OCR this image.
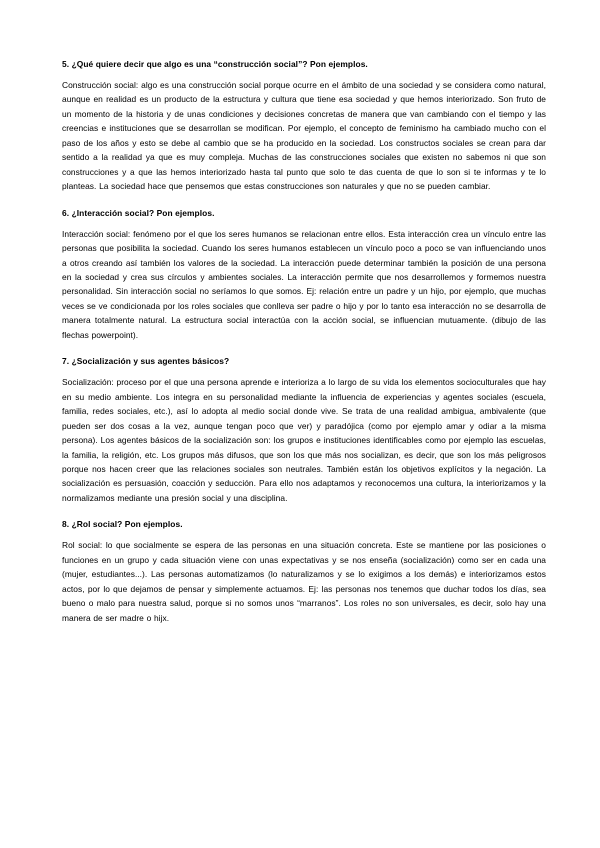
5. ¿Qué quiere decir que algo es una “construcción social”? Pon ejemplos.

Construcción social: algo es una construcción social porque ocurre en el ámbito de una sociedad y se considera como natural, aunque en realidad es un producto de la estructura y cultura que tiene esa sociedad y que hemos interiorizado. Son fruto de un momento de la historia y de unas condiciones y decisiones concretas de manera que van cambiando con el tiempo y las creencias e instituciones que se desarrollan se modifican. Por ejemplo, el concepto de feminismo ha cambiado mucho con el paso de los años y esto se debe al cambio que se ha producido en la sociedad. Los constructos sociales se crean para dar sentido a la realidad ya que es muy compleja. Muchas de las construcciones sociales que existen no sabemos ni que son construcciones y a que las hemos interiorizado hasta tal punto que solo te das cuenta de que lo son si te informas y te lo planteas. La sociedad hace que pensemos que estas construcciones son naturales y que no se pueden cambiar.

6. ¿Interacción social? Pon ejemplos.

Interacción social: fenómeno por el que los seres humanos se relacionan entre ellos. Esta interacción crea un vínculo entre las personas que posibilita la sociedad. Cuando los seres humanos establecen un vínculo poco a poco se van influenciando unos a otros creando así también los valores de la sociedad. La interacción puede determinar también la posición de una persona en la sociedad y crea sus círculos y ambientes sociales. La interacción permite que nos desarrollemos y formemos nuestra personalidad. Sin interacción social no seríamos lo que somos. Ej: relación entre un padre y un hijo, por ejemplo, que muchas veces se ve condicionada por los roles sociales que conlleva ser padre o hijo y por lo tanto esa interacción no se desarrolla de manera totalmente natural. La estructura social interactúa con la acción social, se influencian mutuamente. (dibujo de las flechas powerpoint).

7. ¿Socialización y sus agentes básicos?

Socialización: proceso por el que una persona aprende e interioriza a lo largo de su vida los elementos socioculturales que hay en su medio ambiente. Los integra en su personalidad mediante la influencia de experiencias y agentes sociales (escuela, familia, redes sociales, etc.), así lo adopta al medio social donde vive. Se trata de una realidad ambigua, ambivalente (que pueden ser dos cosas a la vez, aunque tengan poco que ver) y paradójica (como por ejemplo amar y odiar a la misma persona). Los agentes básicos de la socialización son: los grupos e instituciones identificables como por ejemplo las escuelas, la familia, la religión, etc. Los grupos más difusos, que son los que más nos socializan, es decir, que son los más peligrosos porque nos hacen creer que las relaciones sociales son neutrales. También están los objetivos explícitos y la negación. La socialización es persuasión, coacción y seducción. Para ello nos adaptamos y reconocemos una cultura, la interiorizamos y la normalizamos mediante una presión social y una disciplina.

8. ¿Rol social? Pon ejemplos.

Rol social: lo que socialmente se espera de las personas en una situación concreta. Este se mantiene por las posiciones o funciones en un grupo y cada situación viene con unas expectativas y se nos enseña (socialización) como ser en cada una (mujer, estudiantes...). Las personas automatizamos (lo naturalizamos y se lo exigimos a los demás) e interiorizamos estos actos, por lo que dejamos de pensar y simplemente actuamos. Ej: las personas nos tenemos que duchar todos los días, sea bueno o malo para nuestra salud, porque si no somos unos “marranos”. Los roles no son universales, es decir, solo hay una manera de ser madre o hijx.
